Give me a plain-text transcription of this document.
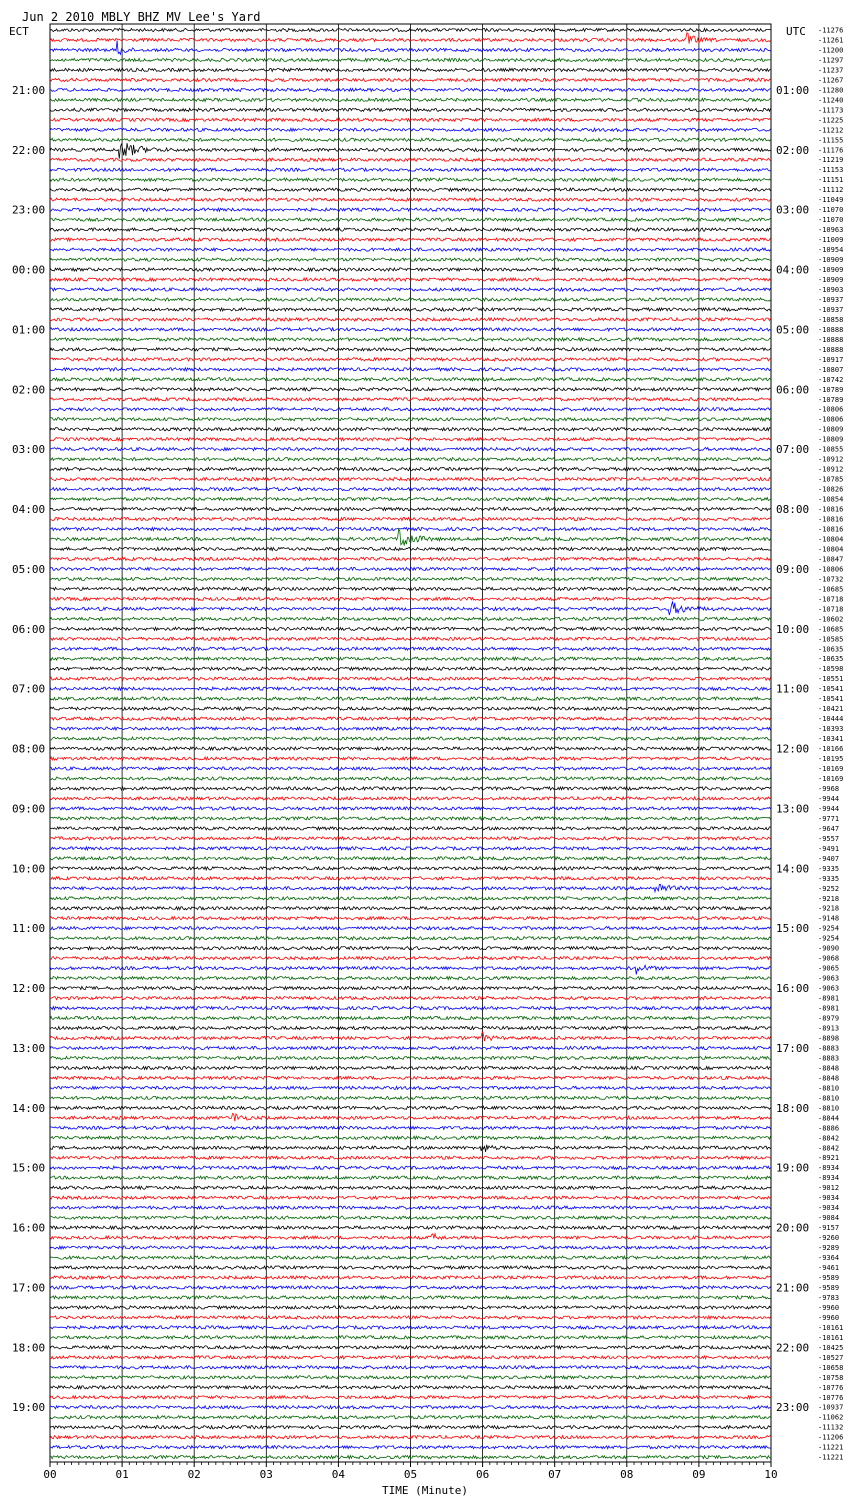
Jun 2 2010 MBLY BHZ MV Lee's Yard
ECT	UTC
21:00
22:00
23:00
00:00
01:00
02:00
03:00
04:00
05:00
06:00
07:00
08:00
09:00
10:00
11:00
12:00
13:00
14:00
15:00
16:00
17:00
18:00
19:00
01:00
02:00
03:00
04:00
05:00
06:00
07:00
08:00
09:00
10:00
11:00
12:00
13:00
14:00
15:00
16:00
17:00
18:00
19:00
20:00
21:00
22:00
23:00
-11276
-11261
-11200
-11297
-11237
-11267
-11280
-11240
-11173
-11225
-11212
-11155
-11176
-11219
-11153
-11151
-11112
-11049
-11070
-11070
-10963
-11009
-10954
-10909
-10909
-10909
-10903
-10937
-10937
-10858
-10888
-10888
-10888
-10917
-10807
-10742
-10789
-10789
-10806
-10806
-10809
-10809
-10855
-10912
-10912
-10785
-10826
-10854
-10816
-10816
-10816
-10804
-10804
-10847
-10806
-10732
-10685
-10718
-10718
-10602
-10685
-10585
-10635
-10635
-10598
-10551
-10541
-10541
-10421
-10444
-10393
-10341
-10166
-10195
-10169
-10169
-9968
-9944
-9944
-9771
-9647
-9557
-9491
-9407
-9335
-9335
-9252
-9218
-9218
-9148
-9254
-9254
-9090
-9068
-9065
-9063
-9063
-8981
-8981
-8979
-8913
-8898
-8883
-8883
-8848
-8848
-8810
-8810
-8810
-8844
-8886
-8842
-8842
-8921
-8934
-8934
-9012
-9034
-9034
-9084
-9157
-9260
-9289
-9364
-9461
-9589
-9589
-9783
-9960
-9960
-10161
-10161
-10425
-10527
-10658
-10758
-10776
-10776
-10937
-11062
-11132
-11206
-11221
-11221
00	01	02	03	04	05	06	07	08	09	10
TIME (Minute)
